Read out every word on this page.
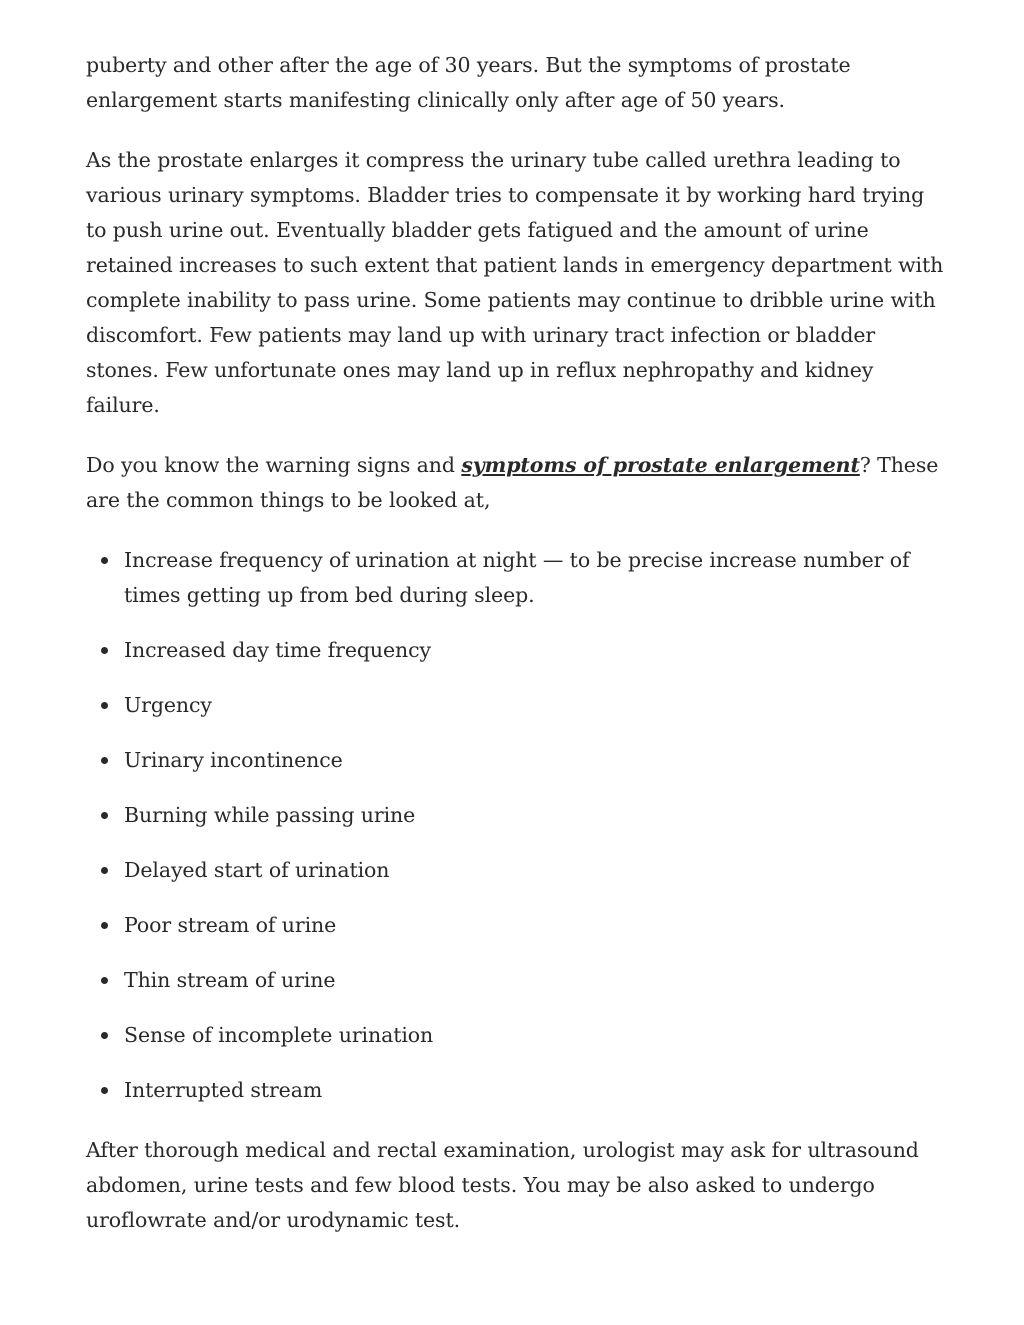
puberty and other after the age of 30 years. But the symptoms of prostate enlargement starts manifesting clinically only after age of 50 years.

As the prostate enlarges it compress the urinary tube called urethra leading to various urinary symptoms. Bladder tries to compensate it by working hard trying to push urine out. Eventually bladder gets fatigued and the amount of urine retained increases to such extent that patient lands in emergency department with complete inability to pass urine. Some patients may continue to dribble urine with discomfort. Few patients may land up with urinary tract infection or bladder stones. Few unfortunate ones may land up in reflux nephropathy and kidney failure.

Do you know the warning signs and symptoms of prostate enlargement? These are the common things to be looked at,

Increase frequency of urination at night — to be precise increase number of times getting up from bed during sleep.
Increased day time frequency
Urgency
Urinary incontinence
Burning while passing urine
Delayed start of urination
Poor stream of urine
Thin stream of urine
Sense of incomplete urination
Interrupted stream

After thorough medical and rectal examination, urologist may ask for ultrasound abdomen, urine tests and few blood tests. You may be also asked to undergo uroflowrate and/or urodynamic test.
